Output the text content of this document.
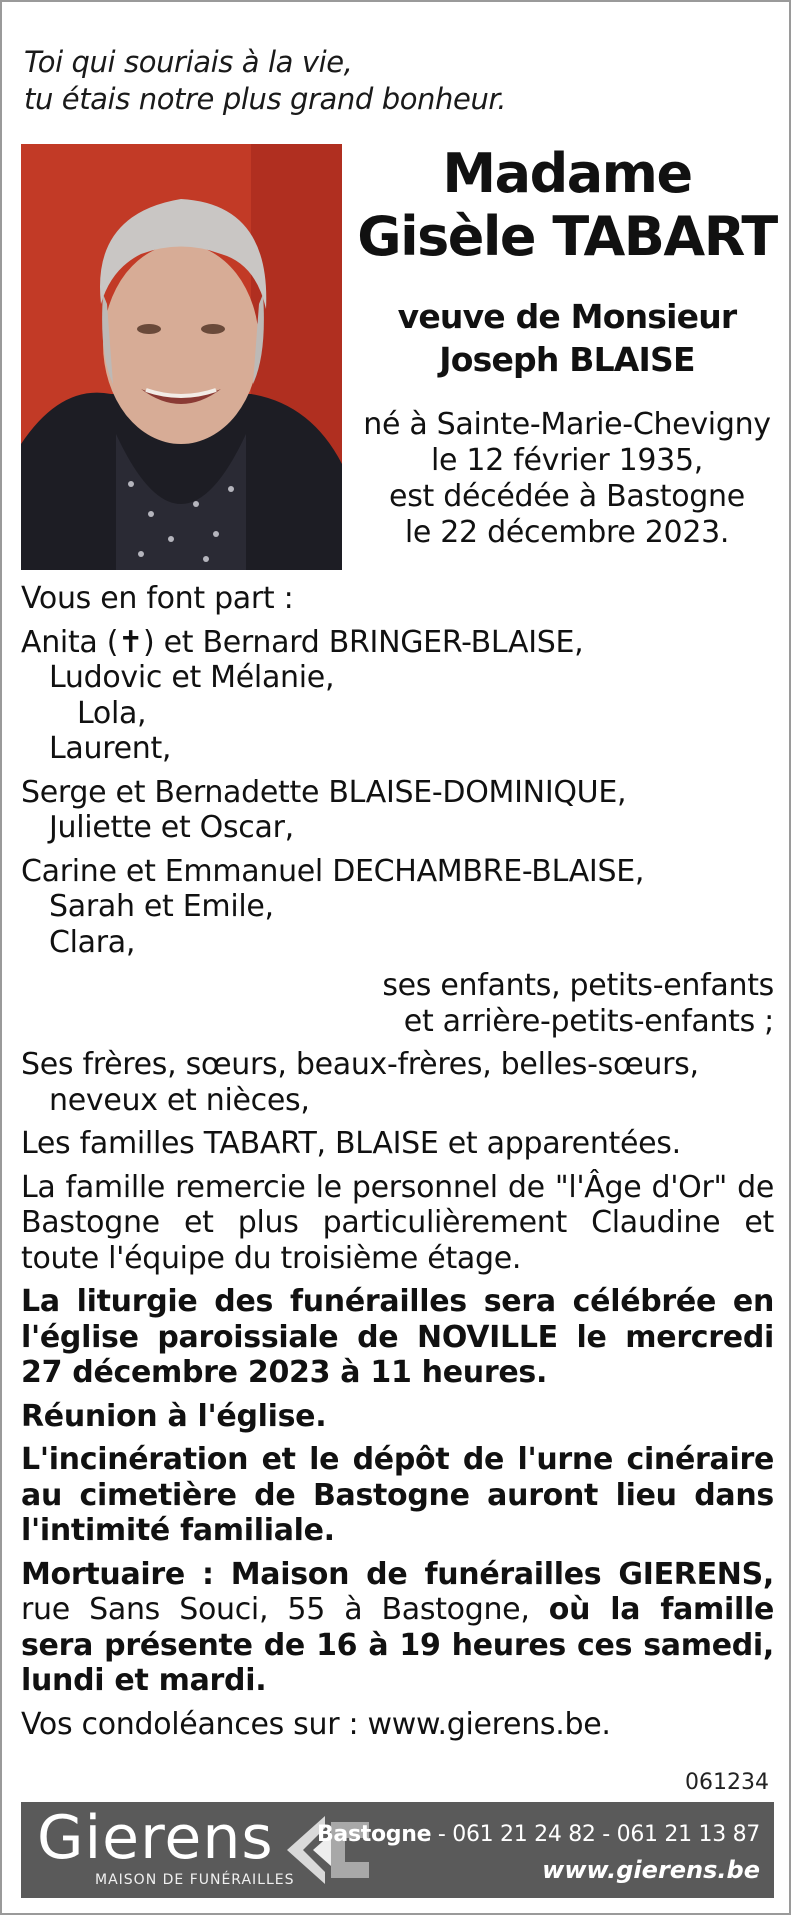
Toi qui souriais à la vie,
tu étais notre plus grand bonheur.
Madame
Gisèle TABART
veuve de Monsieur
Joseph BLAISE
né à Sainte-Marie-Chevigny
le 12 février 1935,
est décédée à Bastogne
le 22 décembre 2023.

Vous en font part :

Anita (✝) et Bernard BRINGER-BLAISE,

Ludovic et Mélanie,

Lola,

Laurent,

Serge et Bernadette BLAISE-DOMINIQUE,

Juliette et Oscar,

Carine et Emmanuel DECHAMBRE-BLAISE,

Sarah et Emile,

Clara,

ses enfants, petits-enfants

et arrière-petits-enfants ;

Ses frères, sœurs, beaux-frères, belles-sœurs,

neveux et nièces,

Les familles TABART, BLAISE et apparentées.

La famille remercie le personnel de "l'Âge d'Or" de Bastogne et plus particulièrement Claudine et toute l'équipe du troisième étage.

La liturgie des funérailles sera célébrée en l'église paroissiale de NOVILLE le mercredi 27 décembre 2023 à 11 heures.

Réunion à l'église.

L'incinération et le dépôt de l'urne cinéraire au cimetière de Bastogne auront lieu dans l'intimité familiale.

Mortuaire : Maison de funérailles GIERENS, rue Sans Souci, 55 à Bastogne, où la famille sera présente de 16 à 19 heures ces samedi, lundi et mardi.

Vos condoléances sur : www.gierens.be.

061234
Gierens
MAISON DE FUNÉRAILLES
Bastogne - 061 21 24 82 - 061 21 13 87
www.gierens.be
